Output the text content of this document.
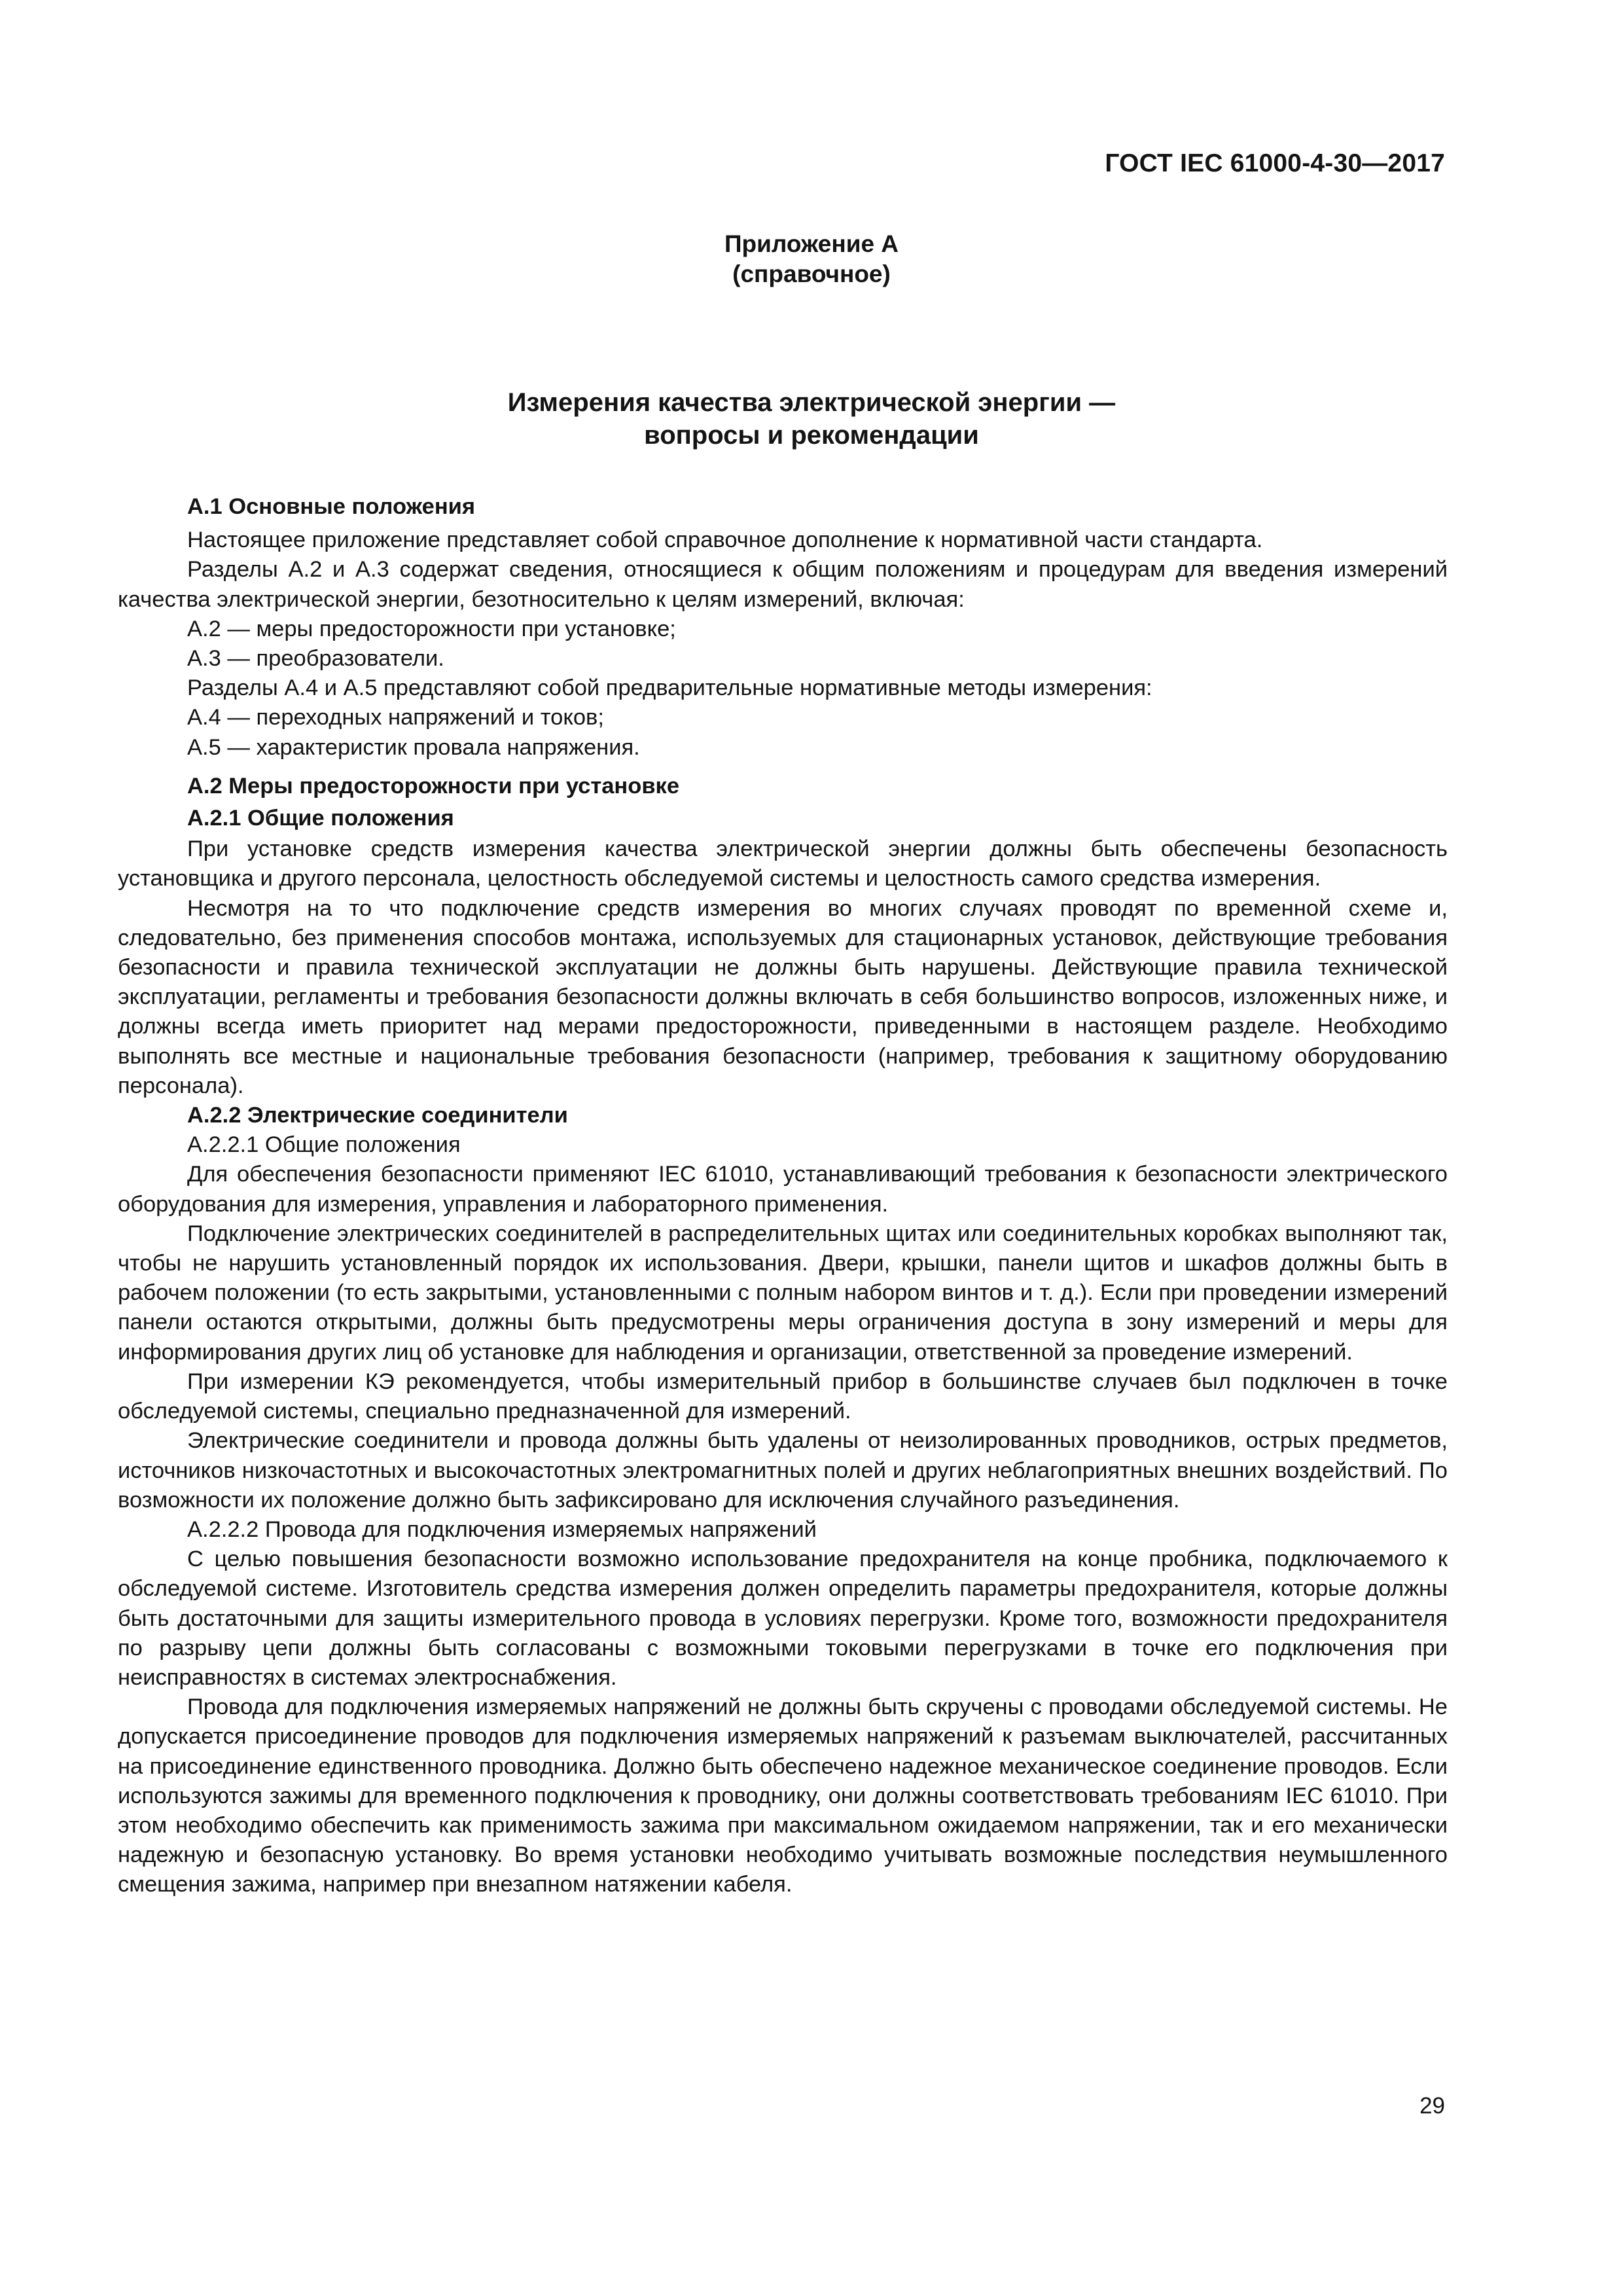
ГОСТ IEC 61000-4-30—2017
Приложение А
(справочное)
Измерения качества электрической энергии —
вопросы и рекомендации

А.1 Основные положения

Настоящее приложение представляет собой справочное дополнение к нормативной части стандарта.

Разделы А.2 и А.3 содержат сведения, относящиеся к общим положениям и процедурам для введения измерений качества электрической энергии, безотносительно к целям измерений, включая:

А.2 — меры предосторожности при установке;

А.3 — преобразователи.

Разделы А.4 и А.5 представляют собой предварительные нормативные методы измерения:

А.4 — переходных напряжений и токов;

А.5 — характеристик провала напряжения.

А.2 Меры предосторожности при установке

А.2.1 Общие положения

При установке средств измерения качества электрической энергии должны быть обеспечены безопасность установщика и другого персонала, целостность обследуемой системы и целостность самого средства измерения.

Несмотря на то что подключение средств измерения во многих случаях проводят по временной схеме и, следовательно, без применения способов монтажа, используемых для стационарных установок, действующие требования безопасности и правила технической эксплуатации не должны быть нарушены. Действующие правила технической эксплуатации, регламенты и требования безопасности должны включать в себя большинство вопросов, изложенных ниже, и должны всегда иметь приоритет над мерами предосторожности, приведенными в настоящем разделе. Необходимо выполнять все местные и национальные требования безопасности (например, требования к защитному оборудованию персонала).

А.2.2 Электрические соединители

А.2.2.1 Общие положения

Для обеспечения безопасности применяют IEC 61010, устанавливающий требования к безопасности электрического оборудования для измерения, управления и лабораторного применения.

Подключение электрических соединителей в распределительных щитах или соединительных коробках выполняют так, чтобы не нарушить установленный порядок их использования. Двери, крышки, панели щитов и шкафов должны быть в рабочем положении (то есть закрытыми, установленными с полным набором винтов и т. д.). Если при проведении измерений панели остаются открытыми, должны быть предусмотрены меры ограничения доступа в зону измерений и меры для информирования других лиц об установке для наблюдения и организации, ответственной за проведение измерений.

При измерении КЭ рекомендуется, чтобы измерительный прибор в большинстве случаев был подключен в точке обследуемой системы, специально предназначенной для измерений.

Электрические соединители и провода должны быть удалены от неизолированных проводников, острых предметов, источников низкочастотных и высокочастотных электромагнитных полей и других неблагоприятных внешних воздействий. По возможности их положение должно быть зафиксировано для исключения случайного разъединения.

А.2.2.2 Провода для подключения измеряемых напряжений

С целью повышения безопасности возможно использование предохранителя на конце пробника, подключаемого к обследуемой системе. Изготовитель средства измерения должен определить параметры предохранителя, которые должны быть достаточными для защиты измерительного провода в условиях перегрузки. Кроме того, возможности предохранителя по разрыву цепи должны быть согласованы с возможными токовыми перегрузками в точке его подключения при неисправностях в системах электроснабжения.

Провода для подключения измеряемых напряжений не должны быть скручены с проводами обследуемой системы. Не допускается присоединение проводов для подключения измеряемых напряжений к разъемам выключателей, рассчитанных на присоединение единственного проводника. Должно быть обеспечено надежное механическое соединение проводов. Если используются зажимы для временного подключения к проводнику, они должны соответствовать требованиям IEC 61010. При этом необходимо обеспечить как применимость зажима при максимальном ожидаемом напряжении, так и его механически надежную и безопасную установку. Во время установки необходимо учитывать возможные последствия неумышленного смещения зажима, например при внезапном натяжении кабеля.

29
